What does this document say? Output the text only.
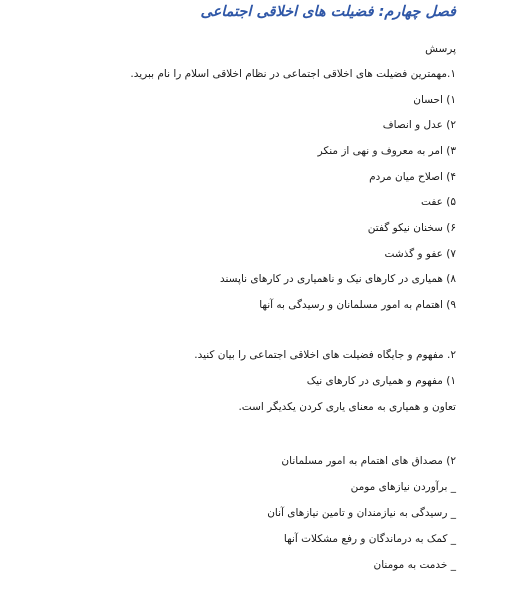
فصل چهارم: فضیلت های اخلاقی اجتماعی
پرسش
۱.مهمترین فضیلت های اخلاقی اجتماعی در نظام اخلاقی اسلام را نام ببرید.
۱) احسان
۲) عدل و انصاف
۳) امر به معروف و نهی از منکر
۴) اصلاح میان مردم
۵) عفت
۶) سخنان نیکو گفتن
۷) عفو و گذشت
۸) همیاری در کارهای نیک و ناهمیاری در کارهای ناپسند
۹) اهتمام به امور مسلمانان و رسیدگی به آنها
۲. مفهوم و جایگاه فضیلت های اخلاقی اجتماعی را بیان کنید.
۱) مفهوم و همیاری در کارهای نیک
تعاون و همیاری به معنای یاری کردن یکدیگر است.
۲) مصداق های اهتمام به امور مسلمانان
_ برآوردن نیازهای مومن
_ رسیدگی به نیازمندان و تامین نیازهای آنان
_ کمک به درماندگان و رفع مشکلات آنها
_ خدمت به مومنان
